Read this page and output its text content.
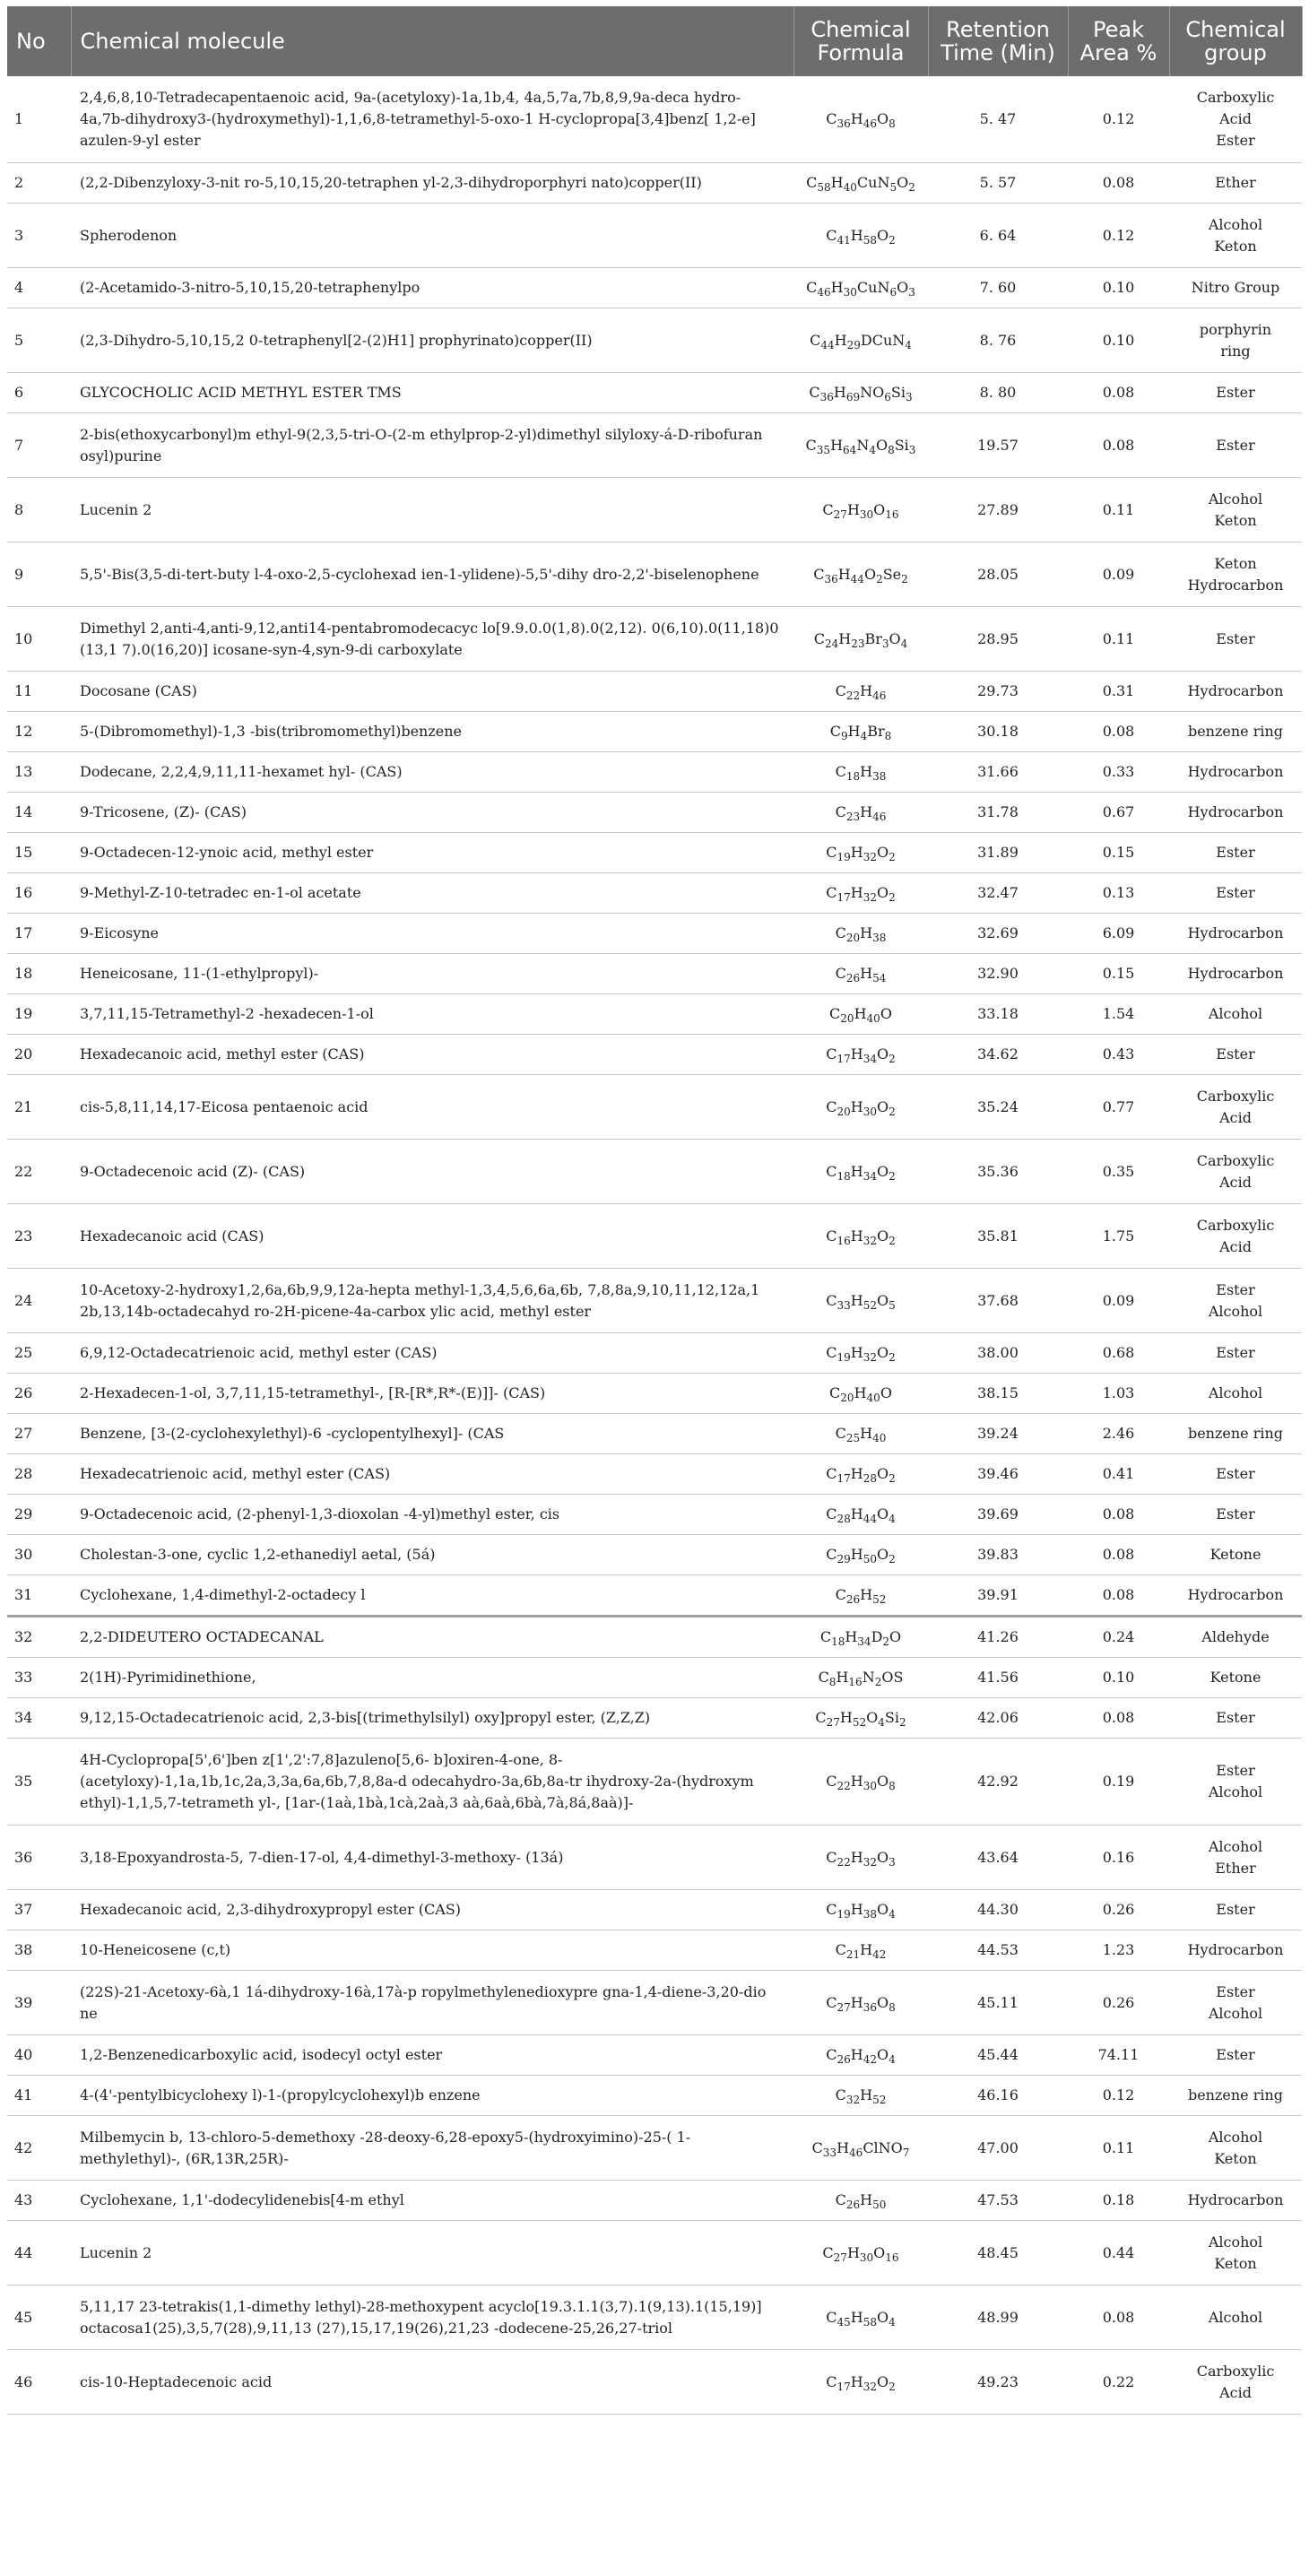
No	Chemical molecule	Chemical Formula	Retention Time (Min)	Peak Area %	Chemical group
1	2,4,6,8,10-Tetradecapentaenoic acid, 9a-(acetyloxy)-1a,1b,4, 4a,5,7a,7b,8,9,9a-deca hydro-4a,7b-dihydroxy3-(hydroxymethyl)-1,1,6,8-tetramethyl-5-oxo-1 H-cyclopropa[3,4]benz[ 1,2-e] azulen-9-yl ester	$C_{36}H_{46}O_8$	5. 47	0.12	Carboxylic
Acid
Ester

2	(2,2-Dibenzyloxy-3-nit ro-5,10,15,20-tetraphen yl-2,3-dihydroporphyri nato)copper(II)	$C_{58}H_{40}CuN_5O_2$	5. 57	0.08	Ether

3	Spherodenon	$C_{41}H_{58}O_2$	6. 64	0.12	Alcohol
Keton

4	(2-Acetamido-3-nitro-5,10,15,20-tetraphenylpo	$C_{46}H_{30}CuN_6O_3$	7. 60	0.10	Nitro Group

5	(2,3-Dihydro-5,10,15,2 0-tetraphenyl[2-(2)H1] prophyrinato)copper(II)	$C_{44}H_{29}DCuN_4$	8. 76	0.10	porphyrin
ring

6	GLYCOCHOLIC ACID METHYL ESTER TMS	$C_{36}H_{69}NO_6Si_3$	8. 80	0.08	Ester

7	2-bis(ethoxycarbonyl)m ethyl-9(2,3,5-tri-O-(2-m ethylprop-2-yl)dimethyl silyloxy-á-D-ribofuran osyl)purine	$C_{35}H_{64}N_4O_8Si_3$	19.57	0.08	Ester

8	Lucenin 2	$C_{27}H_{30}O_{16}$	27.89	0.11	Alcohol
Keton

9	5,5'-Bis(3,5-di-tert-buty l-4-oxo-2,5-cyclohexad ien-1-ylidene)-5,5'-dihy dro-2,2'-biselenophene	$C_{36}H_{44}O_2Se_2$	28.05	0.09	Keton
Hydrocarbon

10	Dimethyl 2,anti-4,anti-9,12,anti14-pentabromodecacyc lo[9.9.0.0(1,8).0(2,12). 0(6,10).0(11,18)0 (13,1 7).0(16,20)] icosane-syn-4,syn-9-di carboxylate	$C_{24}H_{23}Br_3O_4$	28.95	0.11	Ester

11	Docosane (CAS)	$C_{22}H_{46}$	29.73	0.31	Hydrocarbon

12	5-(Dibromomethyl)-1,3 -bis(tribromomethyl)benzene	$C_9H_4Br_8$	30.18	0.08	benzene ring

13	Dodecane, 2,2,4,9,11,11-hexamet hyl- (CAS)	$C_{18}H_{38}$	31.66	0.33	Hydrocarbon

14	9-Tricosene, (Z)- (CAS)	$C_{23}H_{46}$	31.78	0.67	Hydrocarbon

15	9-Octadecen-12-ynoic acid, methyl ester	$C_{19}H_{32}O_2$	31.89	0.15	Ester

16	9-Methyl-Z-10-tetradec en-1-ol acetate	$C_{17}H_{32}O_2$	32.47	0.13	Ester

17	9-Eicosyne	$C_{20}H_{38}$	32.69	6.09	Hydrocarbon

18	Heneicosane, 11-(1-ethylpropyl)-	$C_{26}H_{54}$	32.90	0.15	Hydrocarbon

19	3,7,11,15-Tetramethyl-2 -hexadecen-1-ol	$C_{20}H_{40}O$	33.18	1.54	Alcohol

20	Hexadecanoic acid, methyl ester (CAS)	$C_{17}H_{34}O_2$	34.62	0.43	Ester

21	cis-5,8,11,14,17-Eicosa pentaenoic acid	$C_{20}H_{30}O_2$	35.24	0.77	Carboxylic
Acid

22	9-Octadecenoic acid (Z)- (CAS)	$C_{18}H_{34}O_2$	35.36	0.35	Carboxylic
Acid

23	Hexadecanoic acid (CAS)	$C_{16}H_{32}O_2$	35.81	1.75	Carboxylic
Acid

24	10-Acetoxy-2-hydroxy1,2,6a,6b,9,9,12a-hepta methyl-1,3,4,5,6,6a,6b, 7,8,8a,9,10,11,12,12a,1 2b,13,14b-octadecahyd ro-2H-picene-4a-carbox ylic acid, methyl ester	$C_{33}H_{52}O_5$	37.68	0.09	Ester
Alcohol

25	6,9,12-Octadecatrienoic acid, methyl ester (CAS)	$C_{19}H_{32}O_2$	38.00	0.68	Ester

26	2-Hexadecen-1-ol, 3,7,11,15-tetramethyl-, [R-[R*,R*-(E)]]- (CAS)	$C_{20}H_{40}O$	38.15	1.03	Alcohol

27	Benzene, [3-(2-cyclohexylethyl)-6 -cyclopentylhexyl]- (CAS	$C_{25}H_{40}$	39.24	2.46	benzene ring

28	Hexadecatrienoic acid, methyl ester (CAS)	$C_{17}H_{28}O_2$	39.46	0.41	Ester

29	9-Octadecenoic acid, (2-phenyl-1,3-dioxolan -4-yl)methyl ester, cis	$C_{28}H_{44}O_4$	39.69	0.08	Ester

30	Cholestan-3-one, cyclic 1,2-ethanediyl aetal, (5á)	$C_{29}H_{50}O_2$	39.83	0.08	Ketone

31	Cyclohexane, 1,4-dimethyl-2-octadecy l	$C_{26}H_{52}$	39.91	0.08	Hydrocarbon

32	2,2-DIDEUTERO OCTADECANAL	$C_{18}H_{34}D_2O$	41.26	0.24	Aldehyde

33	2(1H)-Pyrimidinethione,	$C_8H_{16}N_2OS$	41.56	0.10	Ketone

34	9,12,15-Octadecatrienoic acid, 2,3-bis[(trimethylsilyl) oxy]propyl ester, (Z,Z,Z)	$C_{27}H_{52}O_4Si_2$	42.06	0.08	Ester

35	4H-Cyclopropa[5',6']ben z[1',2':7,8]azuleno[5,6- b]oxiren-4-one, 8-(acetyloxy)-1,1a,1b,1c,2a,3,3a,6a,6b,7,8,8a-d odecahydro-3a,6b,8a-tr ihydroxy-2a-(hydroxym ethyl)-1,1,5,7-tetrameth yl-, [1ar-(1aà,1bà,1cà,2aà,3 aà,6aà,6bà,7à,8á,8aà)]-	$C_{22}H_{30}O_8$	42.92	0.19	Ester
Alcohol

36	3,18-Epoxyandrosta-5, 7-dien-17-ol, 4,4-dimethyl-3-methoxy- (13á)	$C_{22}H_{32}O_3$	43.64	0.16	Alcohol
Ether

37	Hexadecanoic acid, 2,3-dihydroxypropyl ester (CAS)	$C_{19}H_{38}O_4$	44.30	0.26	Ester

38	10-Heneicosene (c,t)	$C_{21}H_{42}$	44.53	1.23	Hydrocarbon

39	(22S)-21-Acetoxy-6à,1 1á-dihydroxy-16à,17à-p ropylmethylenedioxypre gna-1,4-diene-3,20-dio ne	$C_{27}H_{36}O_8$	45.11	0.26	Ester
Alcohol

40	1,2-Benzenedicarboxylic acid, isodecyl octyl ester	$C_{26}H_{42}O_4$	45.44	74.11	Ester

41	4-(4'-pentylbicyclohexy l)-1-(propylcyclohexyl)b enzene	$C_{32}H_{52}$	46.16	0.12	benzene ring

42	Milbemycin b, 13-chloro-5-demethoxy -28-deoxy-6,28-epoxy5-(hydroxyimino)-25-( 1-methylethyl)-, (6R,13R,25R)-	$C_{33}H_{46}ClNO_7$	47.00	0.11	Alcohol
Keton

43	Cyclohexane, 1,1'-dodecylidenebis[4-m ethyl	$C_{26}H_{50}$	47.53	0.18	Hydrocarbon

44	Lucenin 2	$C_{27}H_{30}O_{16}$	48.45	0.44	Alcohol
Keton

45	5,11,17 23-tetrakis(1,1-dimethy lethyl)-28-methoxypent acyclo[19.3.1.1(3,7).1(9,13).1(15,19)] octacosa1(25),3,5,7(28),9,11,13 (27),15,17,19(26),21,23 -dodecene-25,26,27-triol	$C_{45}H_{58}O_4$	48.99	0.08	Alcohol

46	cis-10-Heptadecenoic acid	$C_{17}H_{32}O_2$	49.23	0.22	Carboxylic
Acid
